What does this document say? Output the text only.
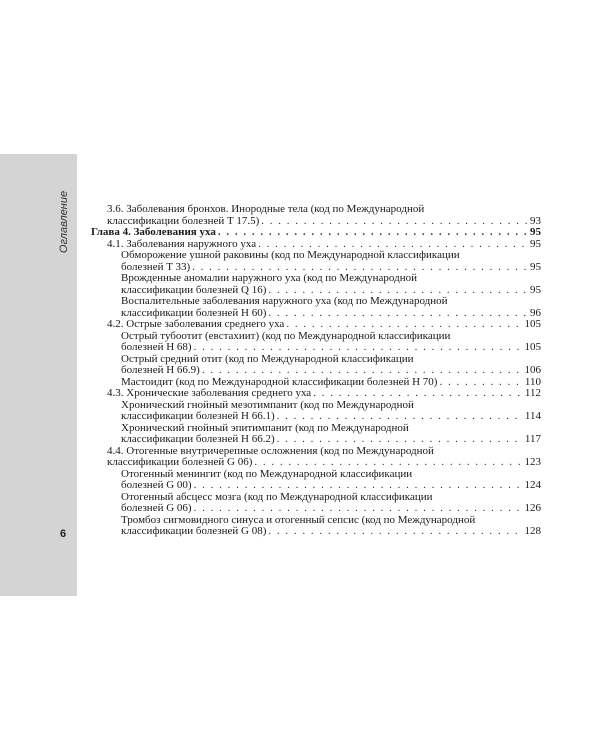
Оглавление
6
3.6. Заболевания бронхов. Инородные тела (код по Международной
классификации болезней T 17.5) . . .	93
Глава 4. Заболевания уха . . .	95
4.1. Заболевания наружного уха . . .	95
Обморожение ушной раковины (код по Международной классификации
болезней T 33) . . .	95
Врожденные аномалии наружного уха (код по Международной
классификации болезней Q 16) . . .	95
Воспалительные заболевания наружного уха (код по Международной
классификации болезней H 60) . . .	96
4.2. Острые заболевания среднего уха . . .	105
Острый тубоотит (евстахиит) (код по Международной классификации
болезней H 68) . . .	105
Острый средний отит (код по Международной классификации
болезней H 66.9) . . .	106
Мастоидит (код по Международной классификации болезней H 70) . . .	110
4.3. Хронические заболевания среднего уха . . .	112
Хронический гнойный мезотимпанит (код по Международной
классификации болезней H 66.1) . . .	114
Хронический гнойный эпитимпанит (код по Международной
классификации болезней H 66.2) . . .	117
4.4. Отогенные внутричерепные осложнения (код по Международной
классификации болезней G 06) . . .	123
Отогенный менингит (код по Международной классификации
болезней G 00) . . .	124
Отогенный абсцесс мозга (код по Международной классификации
болезней G 06) . . .	126
Тромбоз сигмовидного синуса и отогенный сепсис (код по Международной
классификации болезней G 08) . . .	128
